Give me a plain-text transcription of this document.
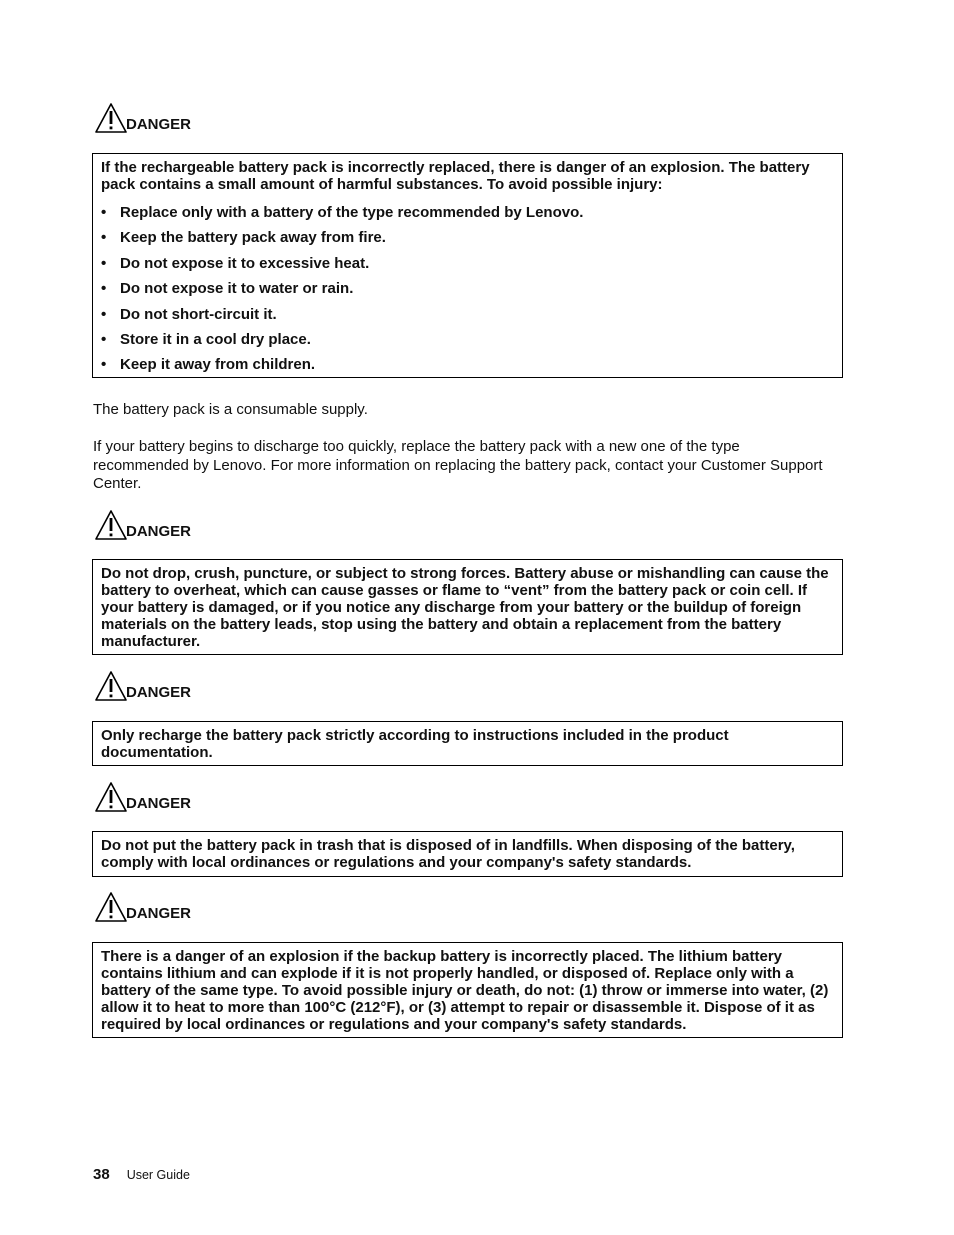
DANGER

If the rechargeable battery pack is incorrectly replaced, there is danger of an explosion. The battery pack contains a small amount of harmful substances. To avoid possible injury:

• Replace only with a battery of the type recommended by Lenovo.
• Keep the battery pack away from fire.
• Do not expose it to excessive heat.
• Do not expose it to water or rain.
• Do not short-circuit it.
• Store it in a cool dry place.
• Keep it away from children.

The battery pack is a consumable supply.

If your battery begins to discharge too quickly, replace the battery pack with a new one of the type recommended by Lenovo. For more information on replacing the battery pack, contact your Customer Support Center.

DANGER

Do not drop, crush, puncture, or subject to strong forces. Battery abuse or mishandling can cause the battery to overheat, which can cause gasses or flame to “vent” from the battery pack or coin cell. If your battery is damaged, or if you notice any discharge from your battery or the buildup of foreign materials on the battery leads, stop using the battery and obtain a replacement from the battery manufacturer.

DANGER

Only recharge the battery pack strictly according to instructions included in the product documentation.

DANGER

Do not put the battery pack in trash that is disposed of in landfills. When disposing of the battery, comply with local ordinances or regulations and your company's safety standards.

DANGER

There is a danger of an explosion if the backup battery is incorrectly placed. The lithium battery contains lithium and can explode if it is not properly handled, or disposed of. Replace only with a battery of the same type. To avoid possible injury or death, do not: (1) throw or immerse into water, (2) allow it to heat to more than 100°C (212°F), or (3) attempt to repair or disassemble it. Dispose of it as required by local ordinances or regulations and your company's safety standards.

38 User Guide
